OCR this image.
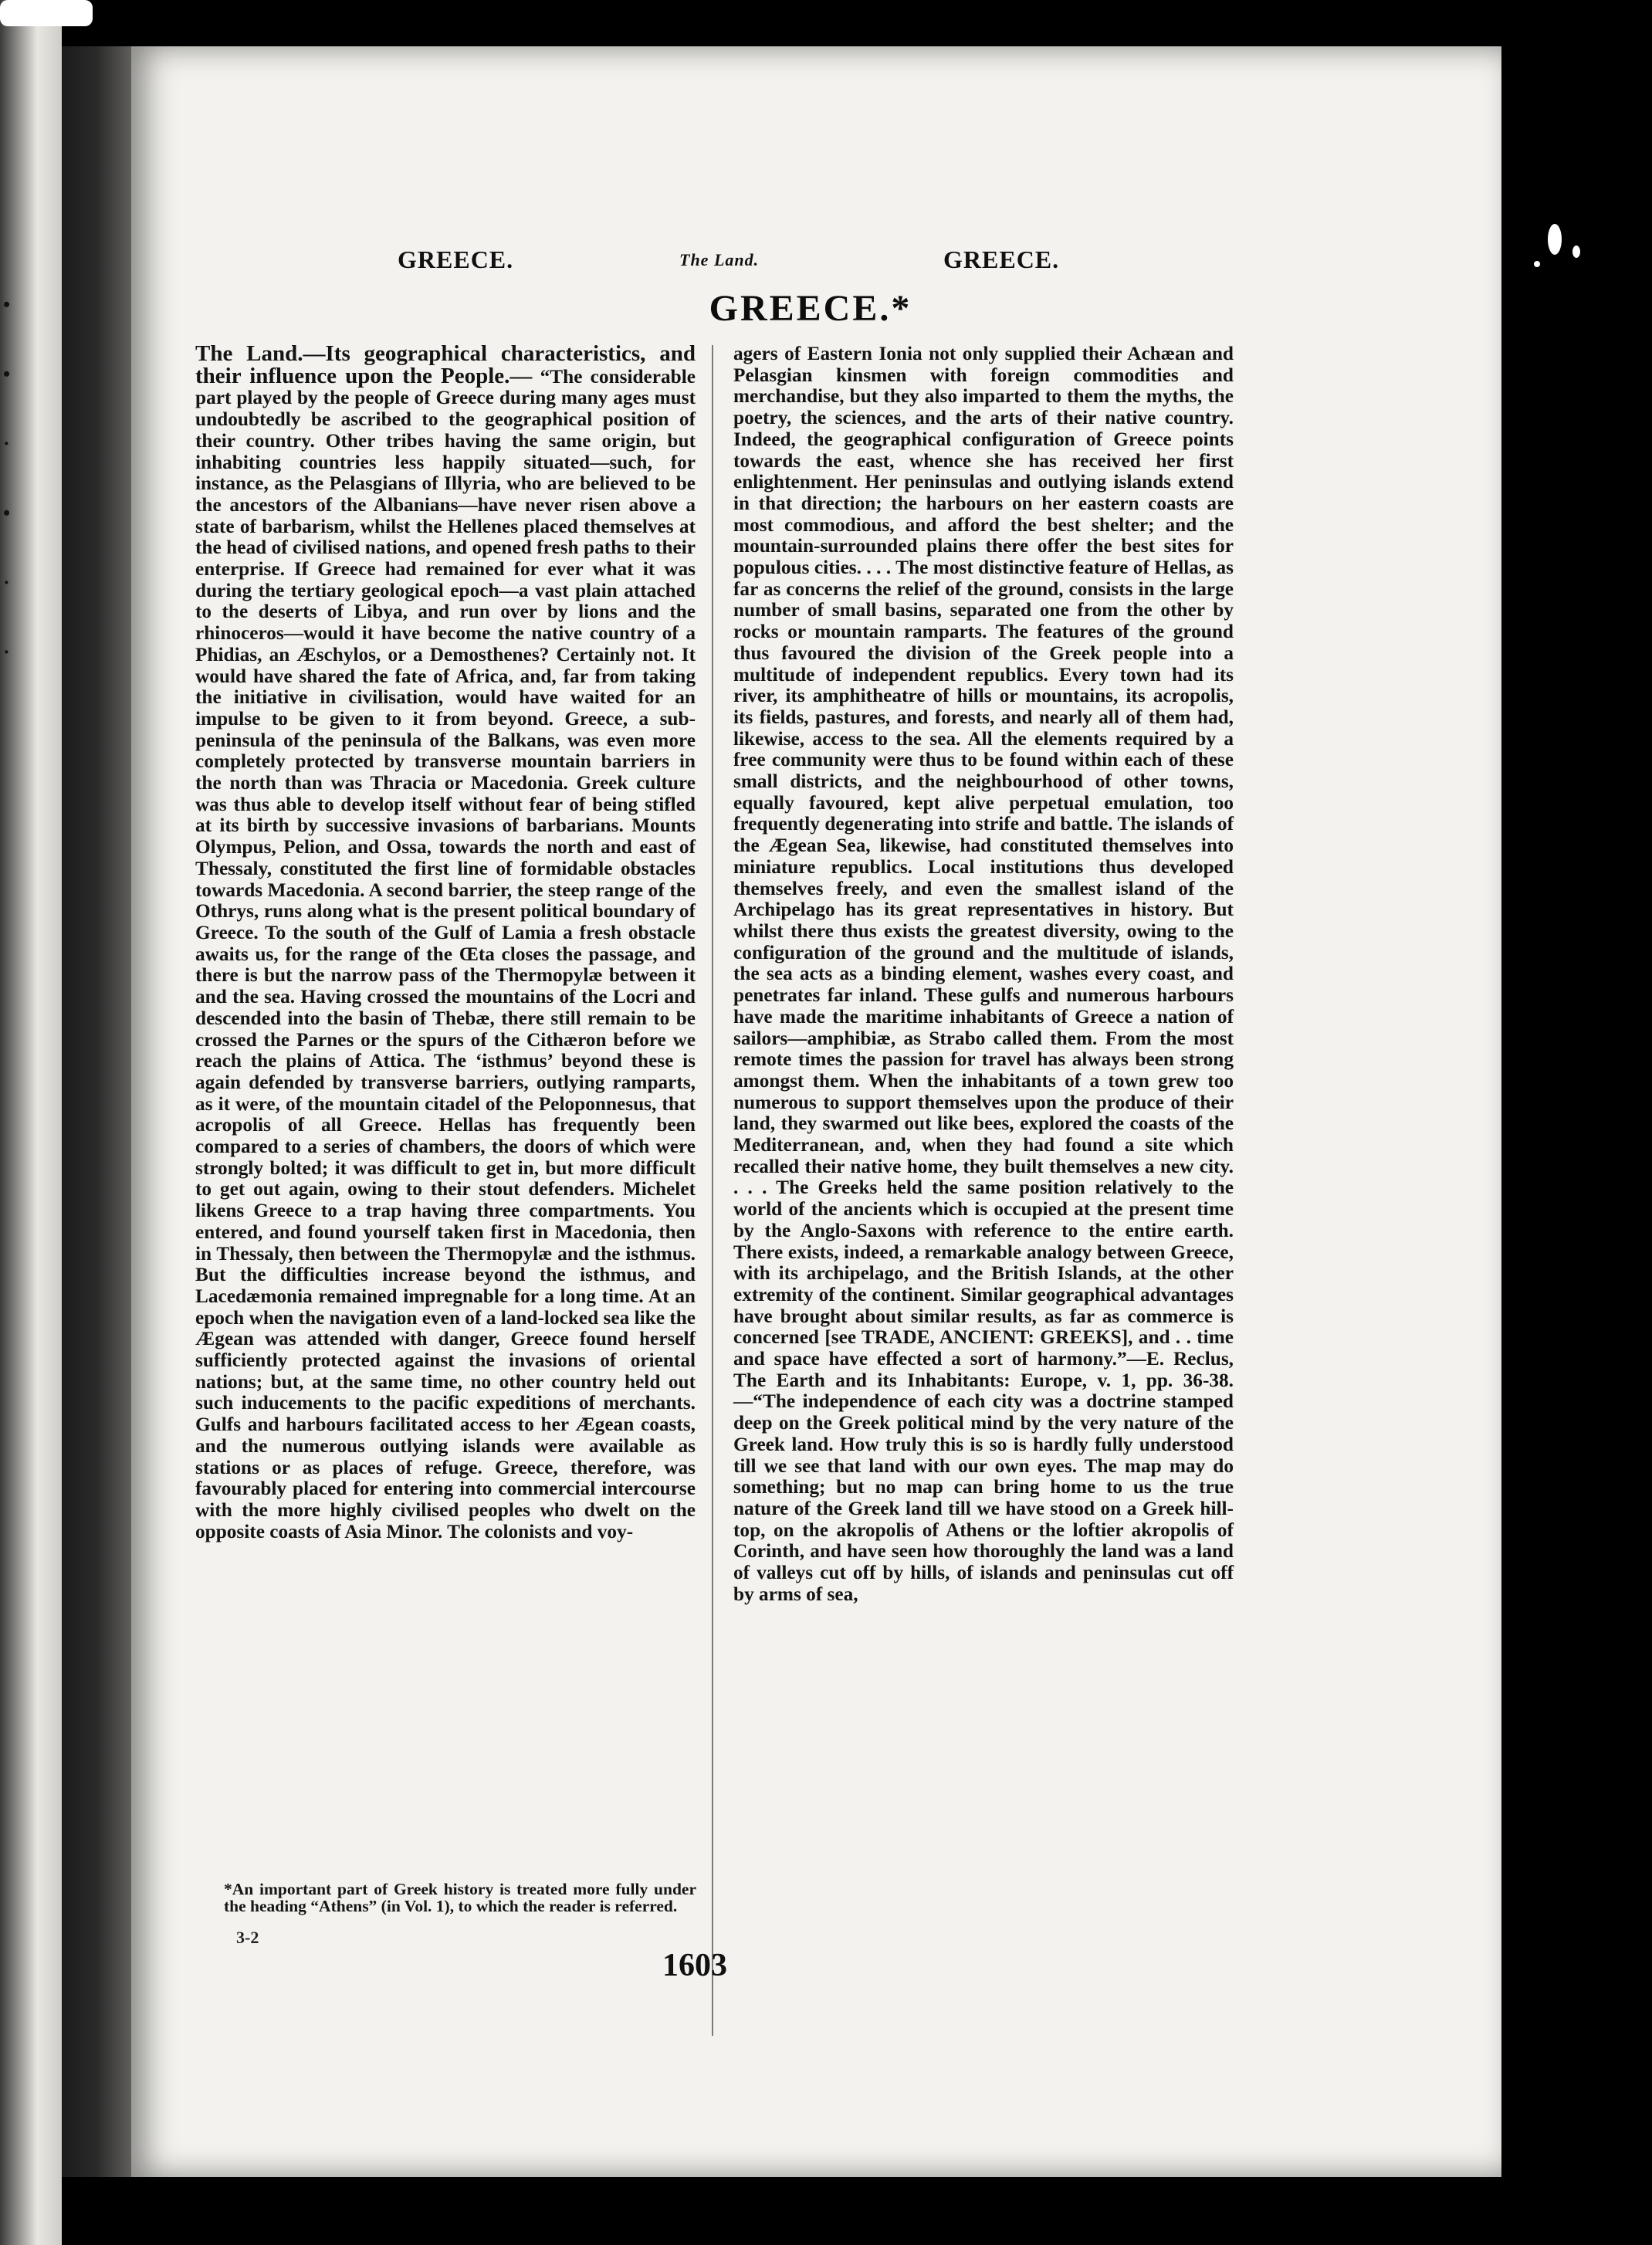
•
•
·
•
·
·
GREECE.	The Land.	GREECE.
GREECE.*

The Land.—Its geographical characteristics, and their influence upon the People.— “The considerable part played by the people of Greece during many ages must undoubtedly be ascribed to the geographical position of their country. Other tribes having the same origin, but inhabiting countries less happily situated—such, for instance, as the Pelasgians of Illyria, who are believed to be the ancestors of the Albanians—have never risen above a state of barbarism, whilst the Hellenes placed themselves at the head of civilised nations, and opened fresh paths to their enterprise. If Greece had remained for ever what it was during the tertiary geological epoch—a vast plain attached to the deserts of Libya, and run over by lions and the rhinoceros—would it have become the native country of a Phidias, an Æschylos, or a Demosthenes? Certainly not. It would have shared the fate of Africa, and, far from taking the initiative in civilisation, would have waited for an impulse to be given to it from beyond. Greece, a sub-peninsula of the peninsula of the Balkans, was even more completely protected by transverse mountain barriers in the north than was Thracia or Macedonia. Greek culture was thus able to develop itself without fear of being stifled at its birth by successive invasions of barbarians. Mounts Olympus, Pelion, and Ossa, towards the north and east of Thessaly, constituted the first line of formidable obstacles towards Macedonia. A second barrier, the steep range of the Othrys, runs along what is the present political boundary of Greece. To the south of the Gulf of Lamia a fresh obstacle awaits us, for the range of the Œta closes the passage, and there is but the narrow pass of the Thermopylæ between it and the sea. Having crossed the mountains of the Locri and descended into the basin of Thebæ, there still remain to be crossed the Parnes or the spurs of the Cithæron before we reach the plains of Attica. The ‘isthmus’ beyond these is again defended by transverse barriers, outlying ramparts, as it were, of the mountain citadel of the Peloponnesus, that acropolis of all Greece. Hellas has frequently been compared to a series of chambers, the doors of which were strongly bolted; it was difficult to get in, but more difficult to get out again, owing to their stout defenders. Michelet likens Greece to a trap having three compartments. You entered, and found yourself taken first in Macedonia, then in Thessaly, then between the Thermopylæ and the isthmus. But the difficulties increase beyond the isthmus, and Lacedæmonia remained impregnable for a long time. At an epoch when the navigation even of a land-locked sea like the Ægean was attended with danger, Greece found herself sufficiently protected against the invasions of oriental nations; but, at the same time, no other country held out such inducements to the pacific expeditions of merchants. Gulfs and harbours facilitated access to her Ægean coasts, and the numerous outlying islands were available as stations or as places of refuge. Greece, therefore, was favourably placed for entering into commercial intercourse with the more highly civilised peoples who dwelt on the opposite coasts of Asia Minor. The colonists and voy-

agers of Eastern Ionia not only supplied their Achæan and Pelasgian kinsmen with foreign commodities and merchandise, but they also imparted to them the myths, the poetry, the sciences, and the arts of their native country. Indeed, the geographical configuration of Greece points towards the east, whence she has received her first enlightenment. Her peninsulas and outlying islands extend in that direction; the harbours on her eastern coasts are most commodious, and afford the best shelter; and the mountain-surrounded plains there offer the best sites for populous cities. . . . The most distinctive feature of Hellas, as far as concerns the relief of the ground, consists in the large number of small basins, separated one from the other by rocks or mountain ramparts. The features of the ground thus favoured the division of the Greek people into a multitude of independent republics. Every town had its river, its amphitheatre of hills or mountains, its acropolis, its fields, pastures, and forests, and nearly all of them had, likewise, access to the sea. All the elements required by a free community were thus to be found within each of these small districts, and the neighbourhood of other towns, equally favoured, kept alive perpetual emulation, too frequently degenerating into strife and battle. The islands of the Ægean Sea, likewise, had constituted themselves into miniature republics. Local institutions thus developed themselves freely, and even the smallest island of the Archipelago has its great representatives in history. But whilst there thus exists the greatest diversity, owing to the configuration of the ground and the multitude of islands, the sea acts as a binding element, washes every coast, and penetrates far inland. These gulfs and numerous harbours have made the maritime inhabitants of Greece a nation of sailors—amphibiæ, as Strabo called them. From the most remote times the passion for travel has always been strong amongst them. When the inhabitants of a town grew too numerous to support themselves upon the produce of their land, they swarmed out like bees, explored the coasts of the Mediterranean, and, when they had found a site which recalled their native home, they built themselves a new city. . . . The Greeks held the same position relatively to the world of the ancients which is occupied at the present time by the Anglo-Saxons with reference to the entire earth. There exists, indeed, a remarkable analogy between Greece, with its archipelago, and the British Islands, at the other extremity of the continent. Similar geographical advantages have brought about similar results, as far as commerce is concerned [see TRADE, ANCIENT: GREEKS], and . . time and space have effected a sort of harmony.”—E. Reclus, The Earth and its Inhabitants: Europe, v. 1, pp. 36-38.—“The independence of each city was a doctrine stamped deep on the Greek political mind by the very nature of the Greek land. How truly this is so is hardly fully understood till we see that land with our own eyes. The map may do something; but no map can bring home to us the true nature of the Greek land till we have stood on a Greek hill-top, on the akropolis of Athens or the loftier akropolis of Corinth, and have seen how thoroughly the land was a land of valleys cut off by hills, of islands and peninsulas cut off by arms of sea,

*An important part of Greek history is treated more fully under the heading “Athens” (in Vol. 1), to which the reader is referred.
3-2
1603
